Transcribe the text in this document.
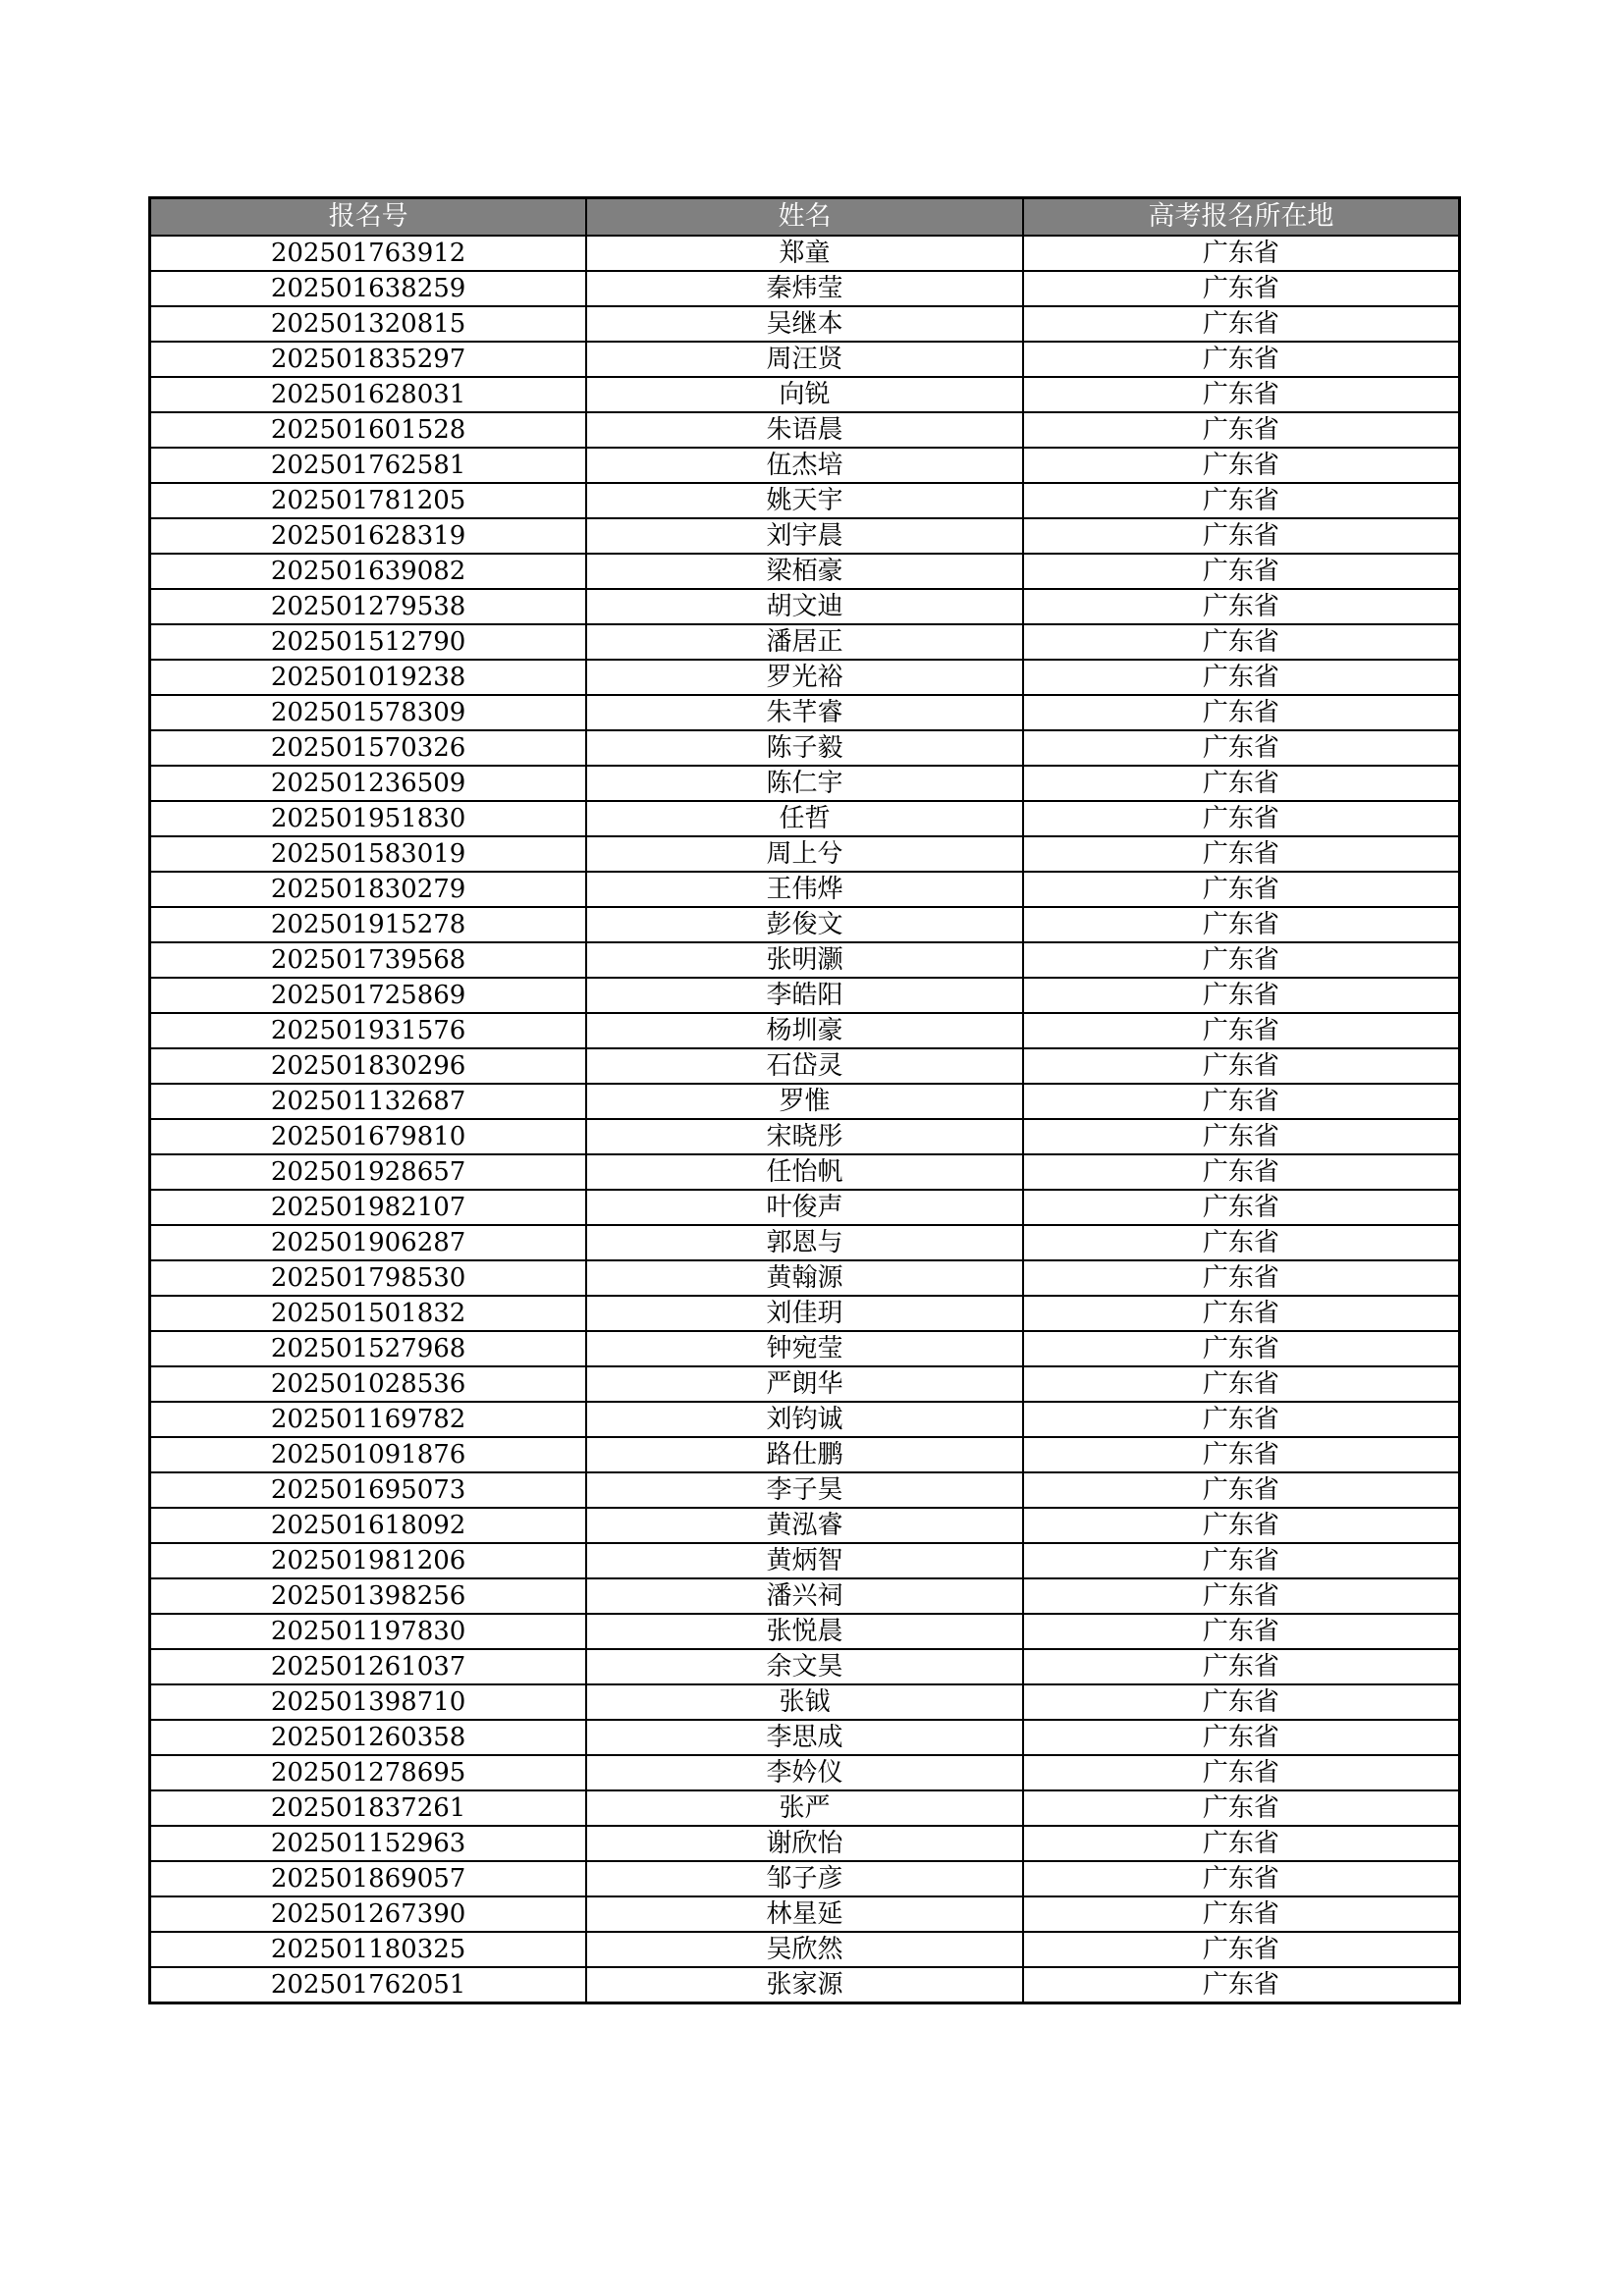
报名号	姓名	高考报名所在地
202501763912	郑童	广东省
202501638259	秦炜莹	广东省
202501320815	吴继本	广东省
202501835297	周汪贤	广东省
202501628031	向锐	广东省
202501601528	朱语晨	广东省
202501762581	伍杰培	广东省
202501781205	姚天宇	广东省
202501628319	刘宇晨	广东省
202501639082	梁栢豪	广东省
202501279538	胡文迪	广东省
202501512790	潘居正	广东省
202501019238	罗光裕	广东省
202501578309	朱芊睿	广东省
202501570326	陈子毅	广东省
202501236509	陈仁宇	广东省
202501951830	任哲	广东省
202501583019	周上兮	广东省
202501830279	王伟烨	广东省
202501915278	彭俊文	广东省
202501739568	张明灏	广东省
202501725869	李皓阳	广东省
202501931576	杨圳豪	广东省
202501830296	石岱灵	广东省
202501132687	罗惟	广东省
202501679810	宋晓彤	广东省
202501928657	任怡帆	广东省
202501982107	叶俊声	广东省
202501906287	郭恩与	广东省
202501798530	黄翰源	广东省
202501501832	刘佳玥	广东省
202501527968	钟宛莹	广东省
202501028536	严朗华	广东省
202501169782	刘钧诚	广东省
202501091876	路仕鹏	广东省
202501695073	李子昊	广东省
202501618092	黄泓睿	广东省
202501981206	黄炳智	广东省
202501398256	潘兴祠	广东省
202501197830	张悦晨	广东省
202501261037	余文昊	广东省
202501398710	张钺	广东省
202501260358	李思成	广东省
202501278695	李妗仪	广东省
202501837261	张严	广东省
202501152963	谢欣怡	广东省
202501869057	邹子彦	广东省
202501267390	林星延	广东省
202501180325	吴欣然	广东省
202501762051	张家源	广东省
